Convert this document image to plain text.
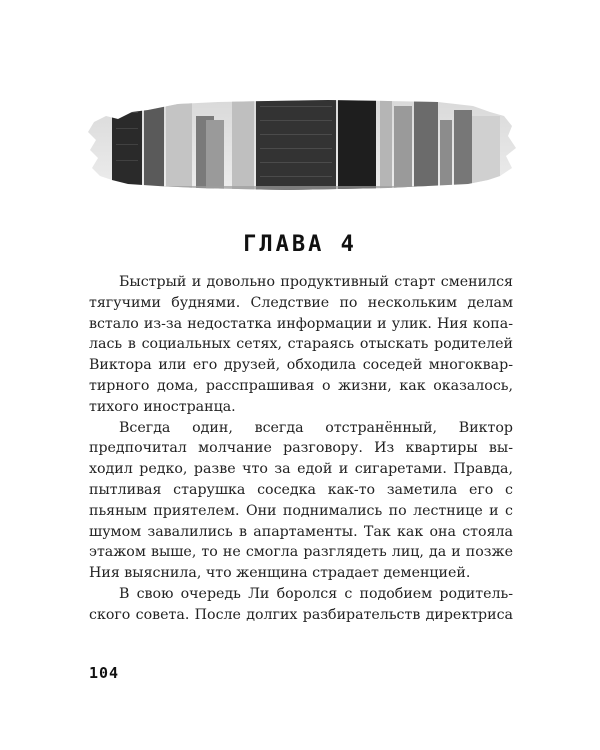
ГЛАВА 4

Быстрый и довольно продуктивный старт сменился тягучими буднями. Следствие по нескольким делам встало из-за недостатка информации и улик. Ния копалась в социальных сетях, стараясь отыскать родителей Виктора или его друзей, обходила соседей многоквартирного дома, расспрашивая о жизни, как оказалось, тихого иностранца.

Всегда один, всегда отстранённый, Виктор предпочитал молчание разговору. Из квартиры выходил редко, разве что за едой и сигаретами. Правда, пытливая старушка соседка как-то заметила его с пьяным приятелем. Они поднимались по лестнице и с шумом завалились в апартаменты. Так как она стояла этажом выше, то не смогла разглядеть лиц, да и позже Ния выяснила, что женщина страдает деменцией.

В свою очередь Ли боролся с подобием родительского совета. После долгих разбирательств директриса

104
